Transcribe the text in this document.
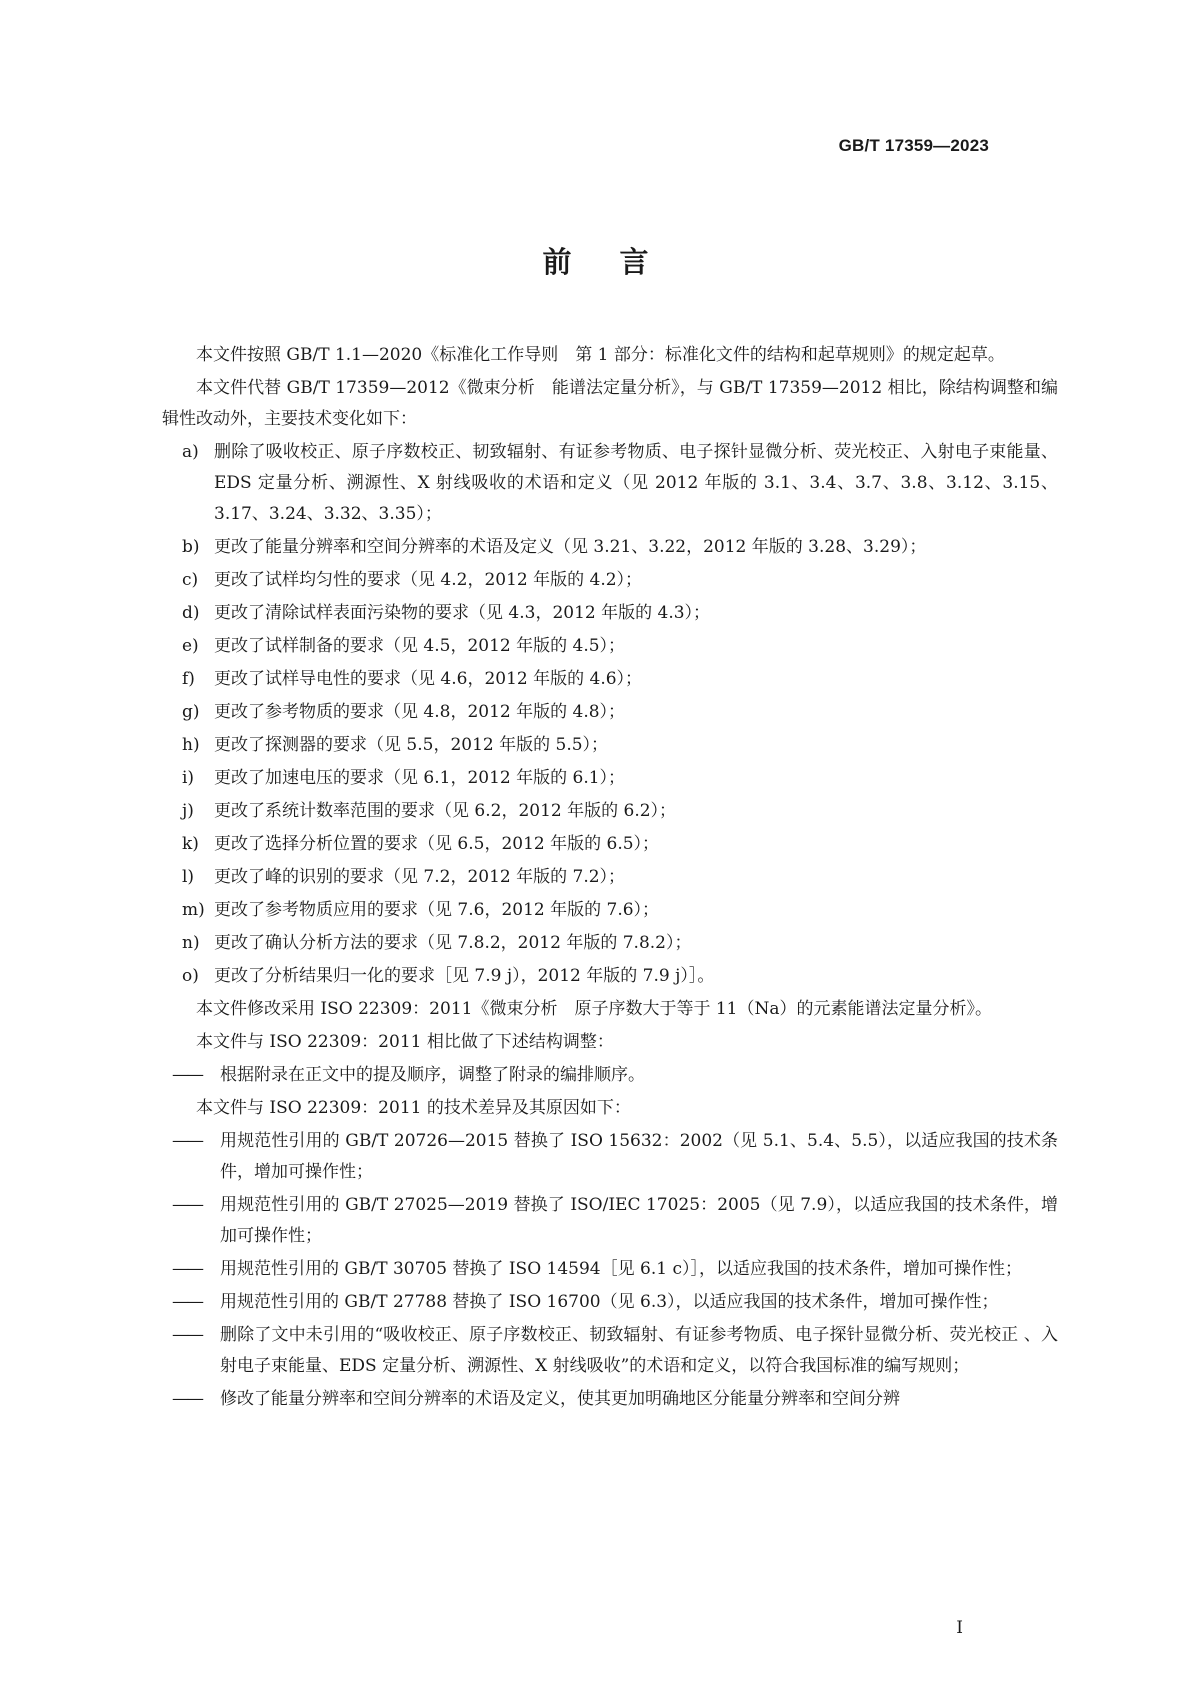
GB/T 17359—2023
前言

本文件按照 GB/T 1.1—2020《标准化工作导则　第 1 部分：标准化文件的结构和起草规则》的规定起草。

本文件代替 GB/T 17359—2012《微束分析　能谱法定量分析》，与 GB/T 17359—2012 相比，除结构调整和编辑性改动外，主要技术变化如下：

a) 删除了吸收校正、原子序数校正、韧致辐射、有证参考物质、电子探针显微分析、荧光校正、入射电子束能量、EDS 定量分析、溯源性、X 射线吸收的术语和定义（见 2012 年版的 3.1、3.4、3.7、3.8、3.12、3.15、3.17、3.24、3.32、3.35）；
b) 更改了能量分辨率和空间分辨率的术语及定义（见 3.21、3.22，2012 年版的 3.28、3.29）；
c) 更改了试样均匀性的要求（见 4.2，2012 年版的 4.2）；
d) 更改了清除试样表面污染物的要求（见 4.3，2012 年版的 4.3）；
e) 更改了试样制备的要求（见 4.5，2012 年版的 4.5）；
f) 更改了试样导电性的要求（见 4.6，2012 年版的 4.6）；
g) 更改了参考物质的要求（见 4.8，2012 年版的 4.8）；
h) 更改了探测器的要求（见 5.5，2012 年版的 5.5）；
i) 更改了加速电压的要求（见 6.1，2012 年版的 6.1）；
j) 更改了系统计数率范围的要求（见 6.2，2012 年版的 6.2）；
k) 更改了选择分析位置的要求（见 6.5，2012 年版的 6.5）；
l) 更改了峰的识别的要求（见 7.2，2012 年版的 7.2）；
m) 更改了参考物质应用的要求（见 7.6，2012 年版的 7.6）；
n) 更改了确认分析方法的要求（见 7.8.2，2012 年版的 7.8.2）；
o) 更改了分析结果归一化的要求［见 7.9 j），2012 年版的 7.9 j）］。

本文件修改采用 ISO 22309：2011《微束分析　原子序数大于等于 11（Na）的元素能谱法定量分析》。

本文件与 ISO 22309：2011 相比做了下述结构调整：

—— 根据附录在正文中的提及顺序，调整了附录的编排顺序。

本文件与 ISO 22309：2011 的技术差异及其原因如下：

—— 用规范性引用的 GB/T 20726—2015 替换了 ISO 15632：2002（见 5.1、5.4、5.5），以适应我国的技术条件，增加可操作性；
—— 用规范性引用的 GB/T 27025—2019 替换了 ISO/IEC 17025：2005（见 7.9），以适应我国的技术条件，增加可操作性；
—— 用规范性引用的 GB/T 30705 替换了 ISO 14594［见 6.1 c）］，以适应我国的技术条件，增加可操作性；
—— 用规范性引用的 GB/T 27788 替换了 ISO 16700（见 6.3），以适应我国的技术条件，增加可操作性；
—— 删除了文中未引用的“吸收校正、原子序数校正、韧致辐射、有证参考物质、电子探针显微分析、荧光校正 、入射电子束能量、EDS 定量分析、溯源性、X 射线吸收”的术语和定义，以符合我国标准的编写规则；
—— 修改了能量分辨率和空间分辨率的术语及定义，使其更加明确地区分能量分辨率和空间分辨
I
